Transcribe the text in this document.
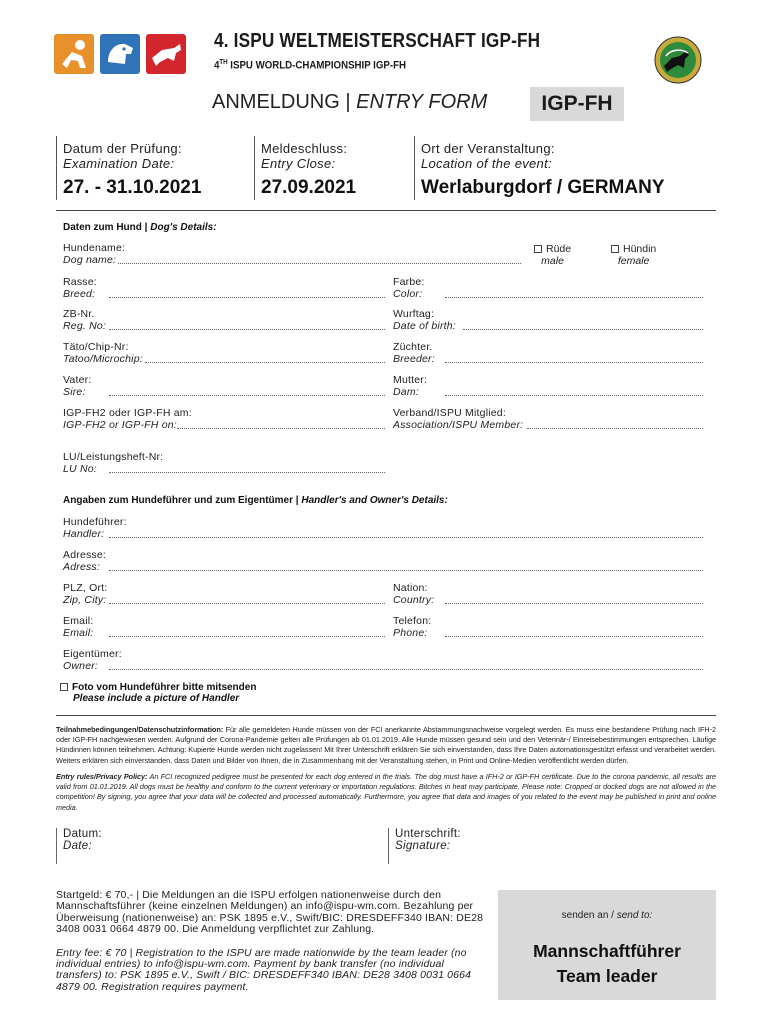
4. ISPU WELTMEISTERSCHAFT IGP-FH
4TH ISPU WORLD-CHAMPIONSHIP IGP-FH
ANMELDUNG | ENTRY FORM	IGP-FH
Datum der Prüfung:
Examination Date:
27. - 31.10.2021
Meldeschluss:
Entry Close:
27.09.2021
Ort der Veranstaltung:
Location of the event:
Werlaburgdorf / GERMANY
Daten zum Hund | Dog's Details:
Hundename:
Dog name:
Rüde
male
Hündin
female
Rasse:
Breed:
Farbe:
Color:
ZB-Nr.
Reg. No:
Wurftag:
Date of birth:
Täto/Chip-Nr:
Tatoo/Microchip:
Züchter.
Breeder:
Vater:
Sire:
Mutter:
Dam:
IGP-FH2 oder IGP-FH am:
IGP-FH2 or IGP-FH on:
Verband/ISPU Mitglied:
Association/ISPU Member:
LU/Leistungsheft-Nr:
LU No:
Angaben zum Hundeführer und zum Eigentümer | Handler's and Owner's Details:
Hundeführer:
Handler:
Adresse:
Adress:
PLZ, Ort:
Zip, City:
Nation:
Country:
Email:
Email:
Telefon:
Phone:
Eigentümer:
Owner:
Foto vom Hundeführer bitte mitsenden
Please include a picture of Handler
Teilnahmebedingungen/Datenschutzinformation: Für alle gemeldeten Hunde müssen von der FCI anerkannte Abstammungsnachweise vorgelegt werden. Es muss eine bestandene Prüfung nach IFH-2 oder IGP-FH nachgewiesen werden. Aufgrund der Corona-Pandemie gelten alle Prüfungen ab 01.01.2019. Alle Hunde müssen gesund sein und den Veterinär-/ Einreisebestimmungen entsprechen. Läufige Hündinnen können teilnehmen. Achtung: Kupierte Hunde werden nicht zugelassen! Mit Ihrer Unterschrift erklären Sie sich einverstanden, dass Ihre Daten automationsgestützt erfasst und verarbeitet werden. Weiters erklären sich einverstanden, dass Daten und Bilder von Ihnen, die in Zusammenhang mit der Veranstaltung stehen, in Print und Online-Medien veröffentlicht werden dürfen.
Entry rules/Privacy Policy: An FCI recognized pedigree must be presented for each dog entered in the trials. The dog must have a IFH-2 or IGP-FH certificate. Due to the corona pandemic, all results are valid from 01.01.2019. All dogs must be healthy and conform to the current veterinary or importation regulations. Bitches in heat may participate. Please note: Cropped or docked dogs are not allowed in the competition! By signing, you agree that your data will be collected and processed automatically. Furthermore, you agree that data and images of you related to the event may be published in print and online media.
Datum:
Date:
Unterschrift:
Signature:
Startgeld: € 70,- | Die Meldungen an die ISPU erfolgen nationenweise durch den Mannschaftsführer (keine einzelnen Meldungen) an info@ispu-wm.com. Bezahlung per Überweisung (nationenweise) an: PSK 1895 e.V., Swift/BIC: DRESDEFF340 IBAN: DE28 3408 0031 0664 4879 00. Die Anmeldung verpflichtet zur Zahlung.
Entry fee: € 70 | Registration to the ISPU are made nationwide by the team leader (no individual entries) to info@ispu-wm.com. Payment by bank transfer (no individual transfers) to: PSK 1895 e.V., Swift / BIC: DRESDEFF340 IBAN: DE28 3408 0031 0664 4879 00. Registration requires payment.
senden an / send to:
Mannschaftführer
Team leader
